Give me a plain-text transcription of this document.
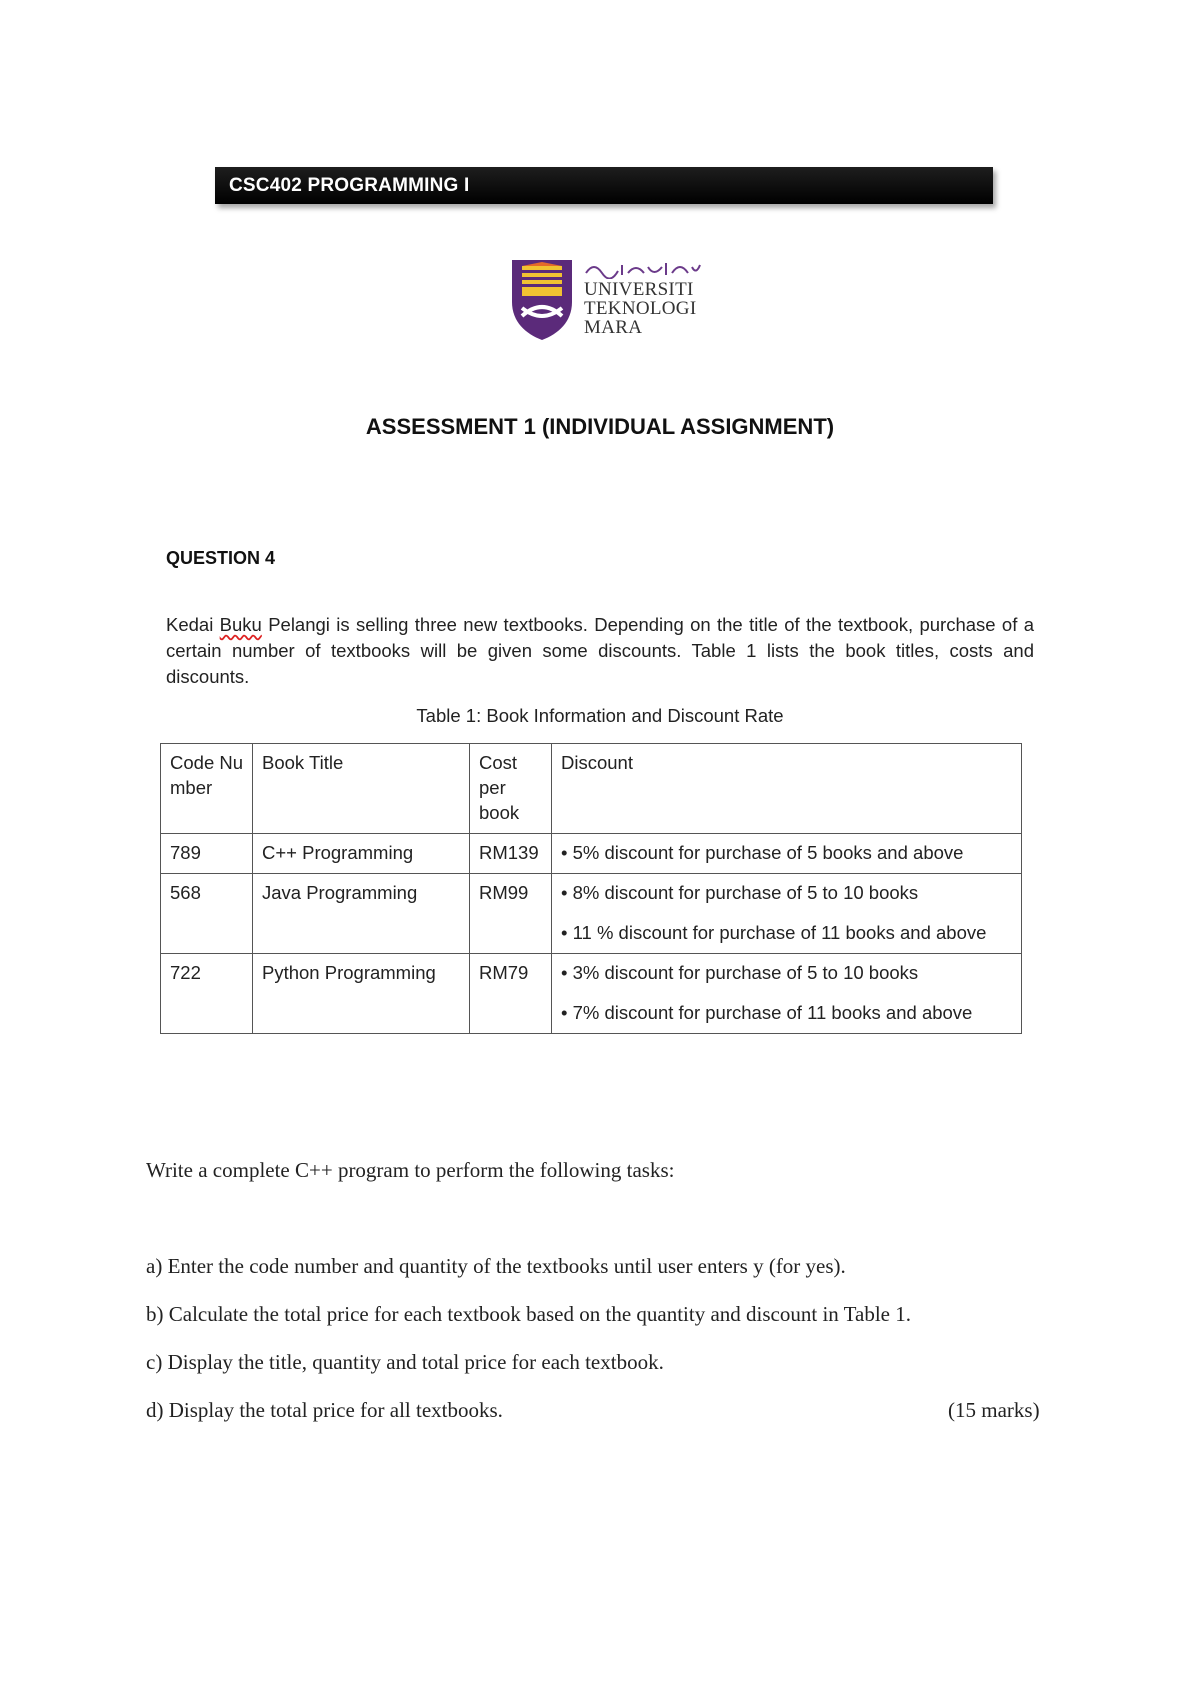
CSC402 PROGRAMMING I
UNIVERSITI
TEKNOLOGI
MARA
ASSESSMENT 1 (INDIVIDUAL ASSIGNMENT)
QUESTION 4
Kedai Buku Pelangi is selling three new textbooks. Depending on the title of the textbook, purchase of a certain number of textbooks will be given some discounts. Table 1 lists the book titles, costs and discounts.
Table 1: Book Information and Discount Rate
Code Number	Book Title	Cost per book	Discount
789	C++ Programming	RM139	• 5% discount for purchase of 5 books and above

568	Java Programming	RM99	• 8% discount for purchase of 5 to 10 books
• 11 % discount for purchase of 11 books and above

722	Python Programming	RM79	• 3% discount for purchase of 5 to 10 books
• 7% discount for purchase of 11 books and above
Write a complete C++ program to perform the following tasks:
a) Enter the code number and quantity of the textbooks until user enters y (for yes).
b) Calculate the total price for each textbook based on the quantity and discount in Table 1.
c) Display the title, quantity and total price for each textbook.
d) Display the total price for all textbooks.	(15 marks)
